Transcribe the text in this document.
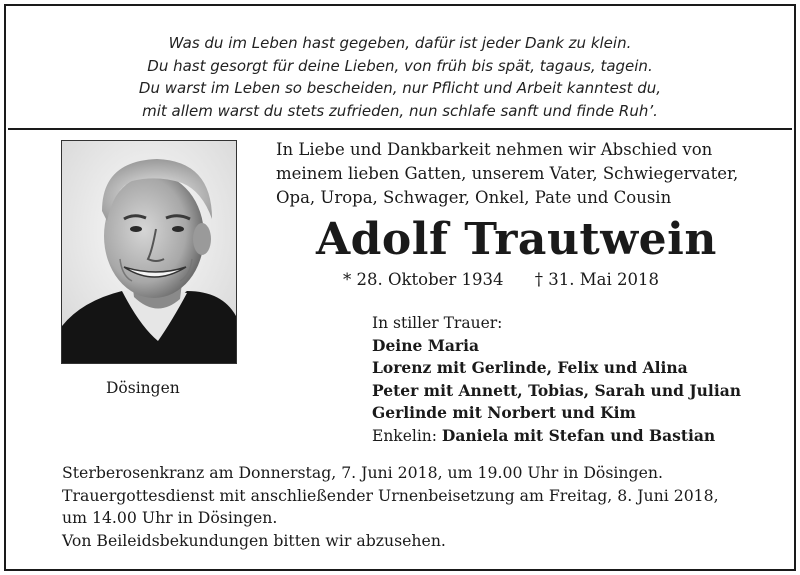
Was du im Leben hast gegeben, dafür ist jeder Dank zu klein.
Du hast gesorgt für deine Lieben, von früh bis spät, tagaus, tagein.
Du warst im Leben so bescheiden, nur Pflicht und Arbeit kanntest du,
mit allem warst du stets zufrieden, nun schlafe sanft und finde Ruh’.
In Liebe und Dankbarkeit nehmen wir Abschied von
meinem lieben Gatten, unserem Vater, Schwiegervater,
Opa, Uropa, Schwager, Onkel, Pate und Cousin
Adolf Trautwein
* 28. Oktober 1934 † 31. Mai 2018
Dösingen
In stiller Trauer:
Deine Maria
Lorenz mit Gerlinde, Felix und Alina
Peter mit Annett, Tobias, Sarah und Julian
Gerlinde mit Norbert und Kim
Enkelin: Daniela mit Stefan und Bastian
Sterberosenkranz am Donnerstag, 7. Juni 2018, um 19.00 Uhr in Dösingen.
Trauergottesdienst mit anschließender Urnenbeisetzung am Freitag, 8. Juni 2018,
um 14.00 Uhr in Dösingen.
Von Beileidsbekundungen bitten wir abzusehen.
